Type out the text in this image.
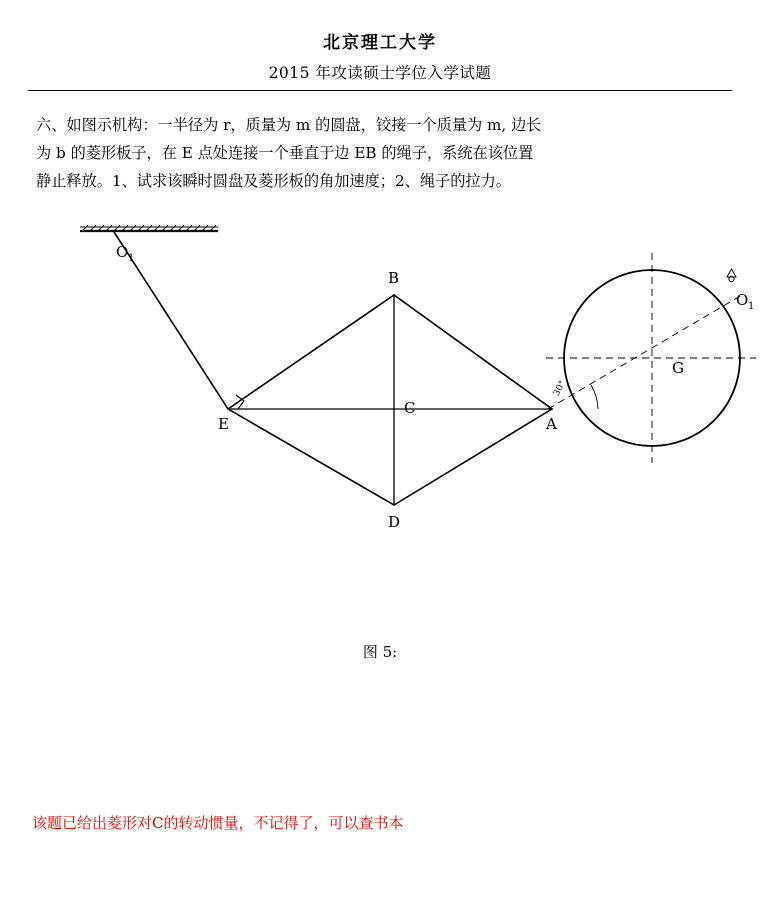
北京理工大学
2015 年攻读硕士学位入学试题
六、如图示机构：一半径为 r，质量为 m 的圆盘，铰接一个质量为 m, 边长
为 b 的菱形板子，在 E 点处连接一个垂直于边 EB 的绳子，系统在该位置
静止释放。1、试求该瞬时圆盘及菱形板的角加速度；2、绳子的拉力。
O 1
B
C
D
E	A
G
O 1
30°
图 5:
该题已给出菱形对C的转动惯量，不记得了，可以查书本
